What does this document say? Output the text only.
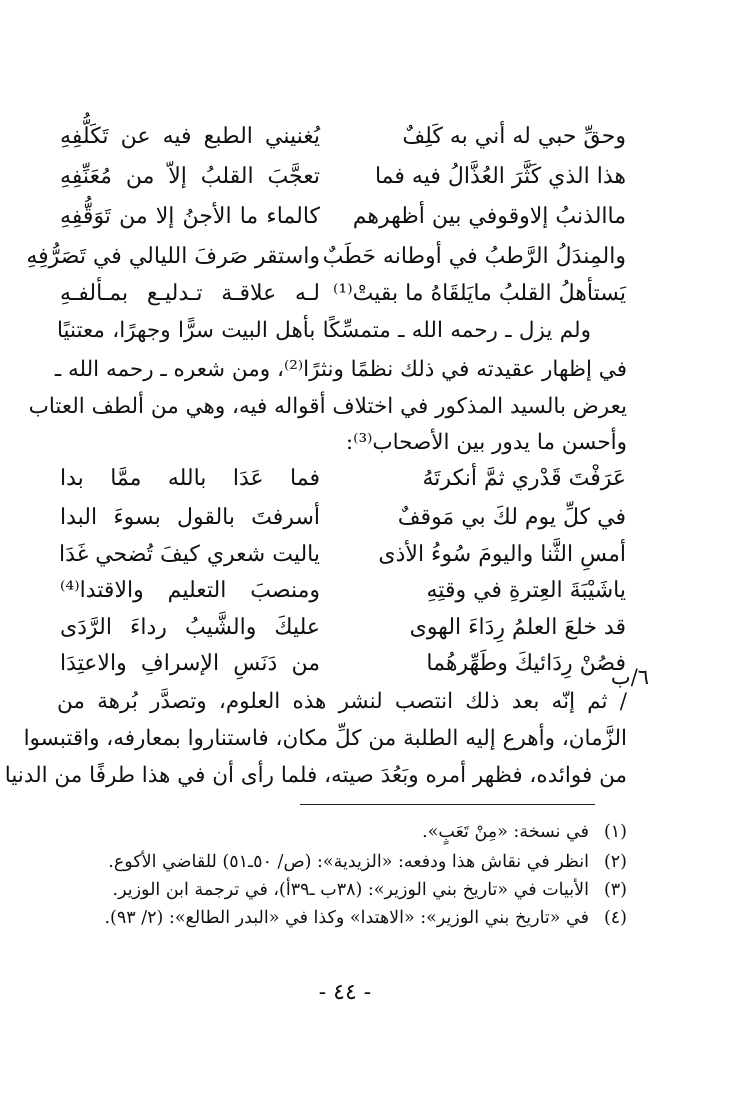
وحقِّ حبي له أني به كَلِفٌ
يُغنيني الطبع فيه عن تَكَلُّفِهِ
هذا الذي كَثَّرَ العُذَّالُ فيه فما
تعجَّبَ القلبُ إلاّ من مُعَنِّفِهِ
ماالذنبُ إلاوقوفي بين أظهرهم
كالماء ما الأجنُ إلا من تَوَقُّفِهِ
والمِندَلُ الرَّطبُ في أوطانه حَطَبٌ
واستقر صَرفَ الليالي في تَصَرُّفِهِ
يَستأهلُ القلبُ مايَلقَاهُ ما بقيتْ⁽¹⁾
لـه علاقـة تـدليـع بمـألفـهِ
ولم يزل ـ رحمه الله ـ متمسِّكًا بأهل البيت سرًّا وجهرًا، معتنيًا
في إظهار عقيدته في ذلك نظمًا ونثرًا⁽²⁾، ومن شعره ـ رحمه الله ـ
يعرض بالسيد المذكور في اختلاف أقواله فيه، وهي من ألطف العتاب
وأحسن ما يدور بين الأصحاب⁽³⁾:
عَرَفْتَ قَدْري ثمَّ أنكرتَهُ
فما عَدَا بالله ممَّا بدا
في كلِّ يوم لكَ بي مَوقفٌ
أسرفتَ بالقول بسوءَ البدا
أمسِ الثَّنا واليومَ سُوءُ الأذى
ياليت شعري كيفَ تُضحي غَدَا
ياشَيْبَةَ العِترةِ في وقتِهِ
ومنصبَ التعليم والاقتدا⁽⁴⁾
قد خلعَ العلمُ رِدَاءَ الهوى
عليكَ والشَّيبُ رداءَ الرَّدَى
فصُنْ رِدَائيكَ وطَهِّرهُما
من دَنَسِ الإسرافِ والاعتِدَا
٦/ب
/ ثم إنّه بعد ذلك انتصب لنشر هذه العلوم، وتصدَّر بُرهة من
الزَّمان، وأهرع إليه الطلبة من كلِّ مكان، فاستناروا بمعارفه، واقتبسوا
من فوائده، فظهر أمره وبَعُدَ صيته، فلما رأى أن في هذا طرفًا من الدنيا
(١)
في نسخة: «مِنْ تَعَبٍ».
(٢)
انظر في نقاش هذا ودفعه: «الزيدية»: (ص/ ٥٠ـ٥١) للقاضي الأكوع.
(٣)
الأبيات في «تاريخ بني الوزير»: (٣٨ب ـ٣٩أ)، في ترجمة ابن الوزير.
(٤)
في «تاريخ بني الوزير»: «الاهتدا» وكذا في «البدر الطالع»: (٢/ ٩٣).
- ٤٤ -
